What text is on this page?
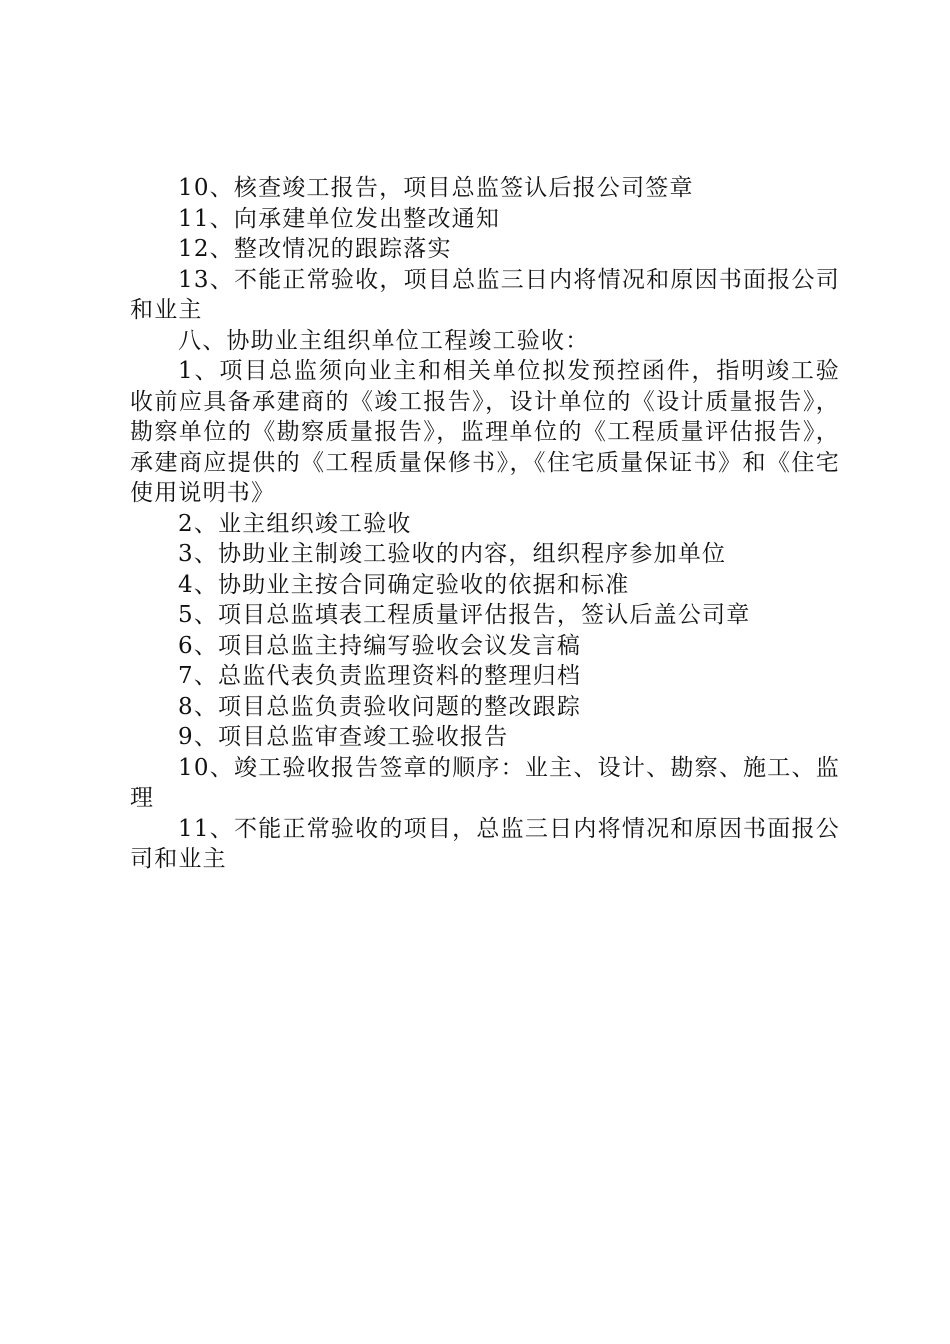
10、核查竣工报告，项目总监签认后报公司签章

11、向承建单位发出整改通知

12、整改情况的跟踪落实

13、不能正常验收，项目总监三日内将情况和原因书面报公司和业主

八、协助业主组织单位工程竣工验收：

1、项目总监须向业主和相关单位拟发预控函件，指明竣工验收前应具备承建商的《竣工报告》，设计单位的《设计质量报告》，勘察单位的《勘察质量报告》，监理单位的《工程质量评估报告》，承建商应提供的《工程质量保修书》，《住宅质量保证书》和《住宅使用说明书》

2、业主组织竣工验收

3、协助业主制竣工验收的内容，组织程序参加单位

4、协助业主按合同确定验收的依据和标准

5、项目总监填表工程质量评估报告，签认后盖公司章

6、项目总监主持编写验收会议发言稿

7、总监代表负责监理资料的整理归档

8、项目总监负责验收问题的整改跟踪

9、项目总监审查竣工验收报告

10、竣工验收报告签章的顺序：业主、设计、勘察、施工、监理

11、不能正常验收的项目，总监三日内将情况和原因书面报公司和业主
